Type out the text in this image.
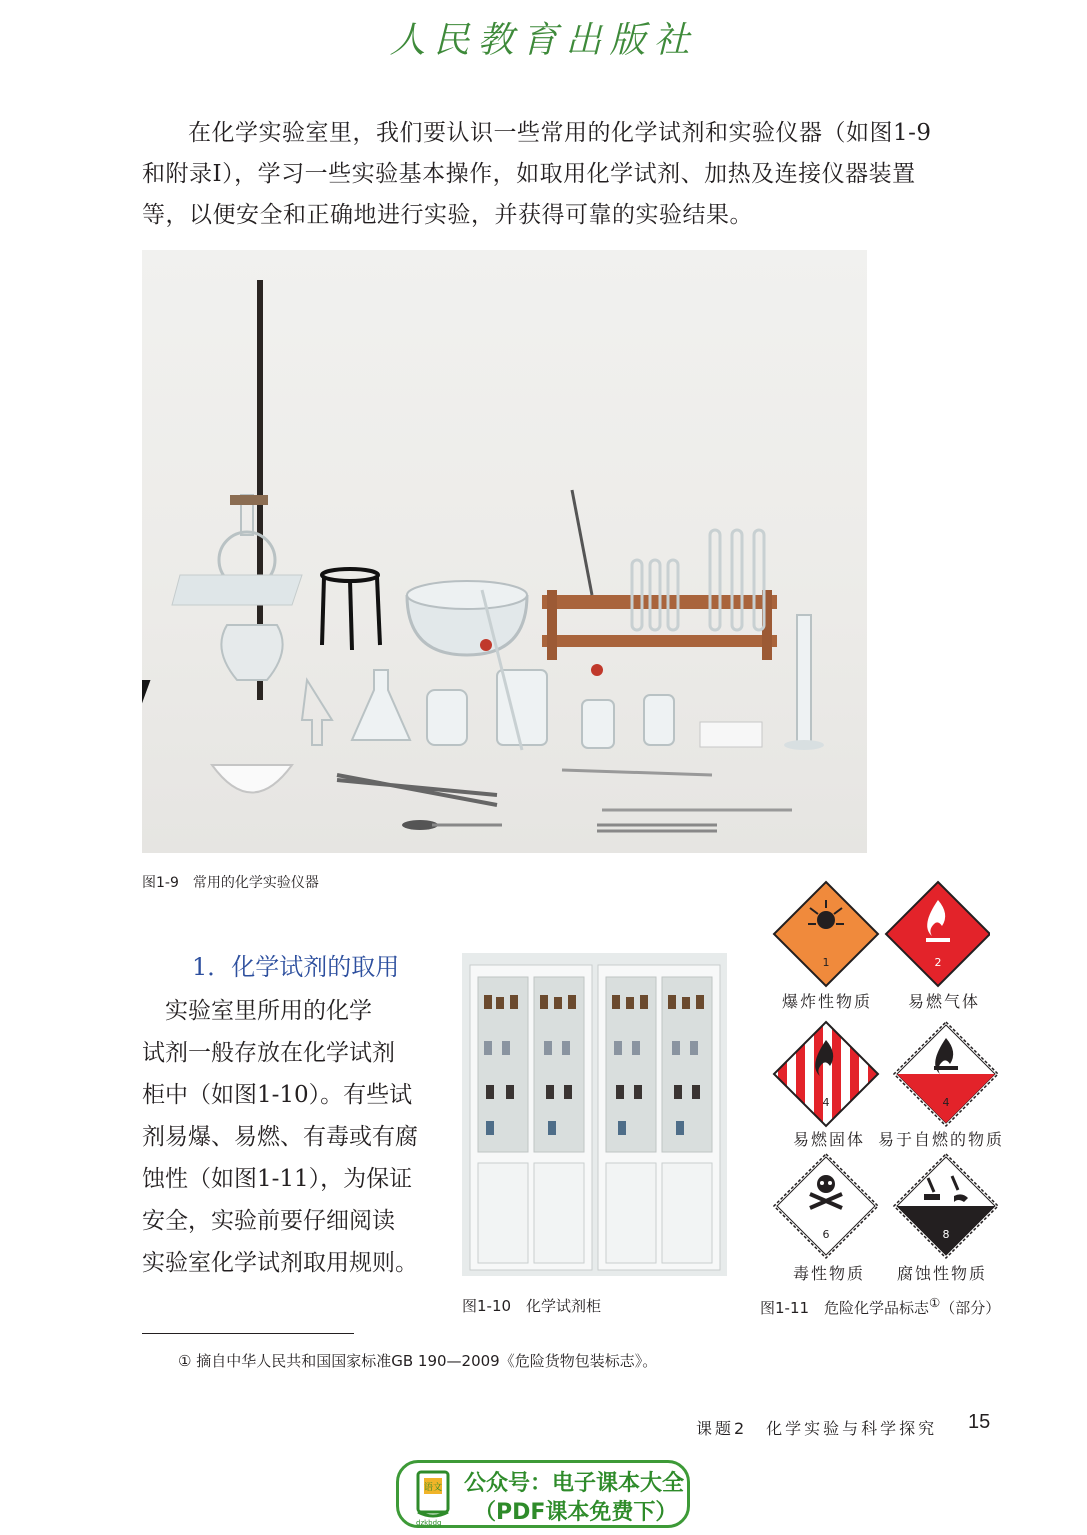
人民教育出版社
在化学实验室里，我们要认识一些常用的化学试剂和实验仪器（如图1-9
和附录Ⅰ），学习一些实验基本操作，如取用化学试剂、加热及连接仪器装置
等，以便安全和正确地进行实验，并获得可靠的实验结果。
图1-9　常用的化学实验仪器
1．化学试剂的取用
　实验室里所用的化学
试剂一般存放在化学试剂
柜中（如图1-10）。有些试
剂易爆、易燃、有毒或有腐
蚀性（如图1-11），为保证
安全，实验前要仔细阅读
实验室化学试剂取用规则。
图1-10　化学试剂柜
1	2
爆炸性物质 易燃气体
4	4
易燃固体 易于自燃的物质
6	8
毒性物质 腐蚀性物质
图1-11　危险化学品标志①（部分）
① 摘自中华人民共和国国家标准GB 190—2009《危险货物包装标志》。
课题2　化学实验与科学探究 15
语文
dzkbdq
公众号：电子课本大全
（PDF课本免费下）
